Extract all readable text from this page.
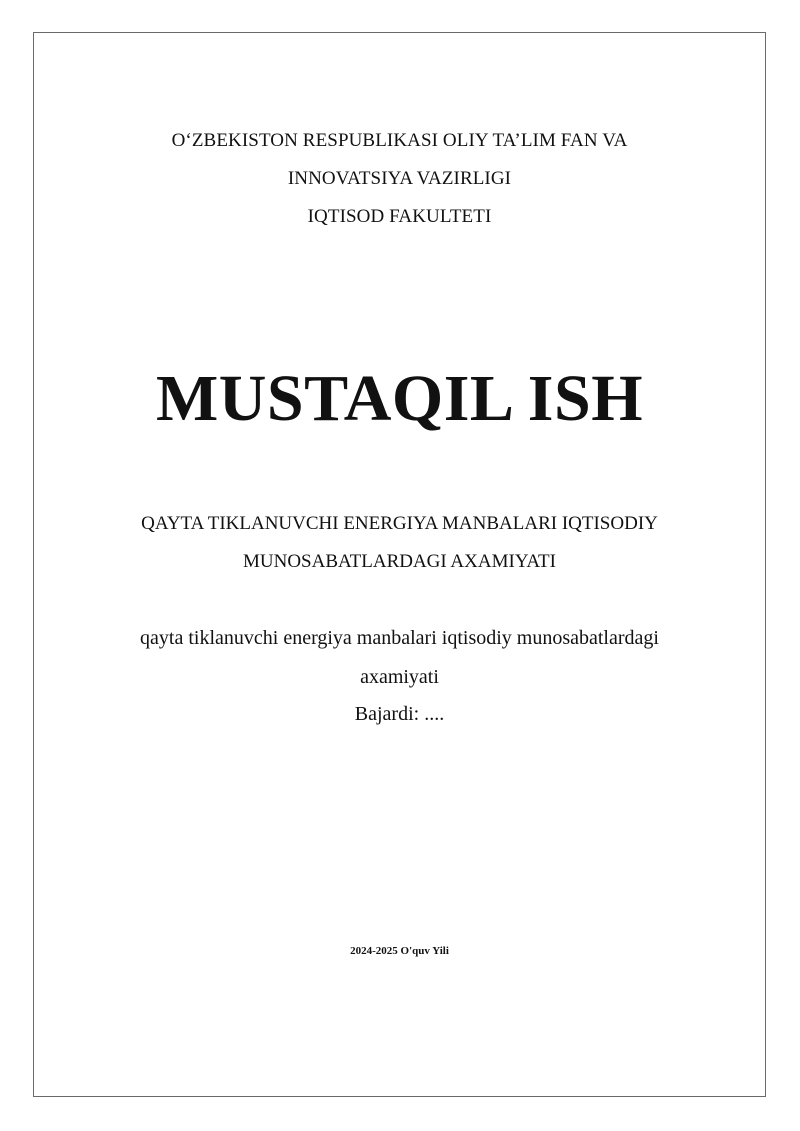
O‘ZBEKISTON RESPUBLIKASI OLIY TA’LIM FAN VA
INNOVATSIYA VAZIRLIGI
IQTISOD FAKULTETI
MUSTAQIL ISH
QAYTA TIKLANUVCHI ENERGIYA MANBALARI IQTISODIY
MUNOSABATLARDAGI AXAMIYATI
qayta tiklanuvchi energiya manbalari iqtisodiy munosabatlardagi
axamiyati
Bajardi: ....
2024-2025 O'quv Yili
